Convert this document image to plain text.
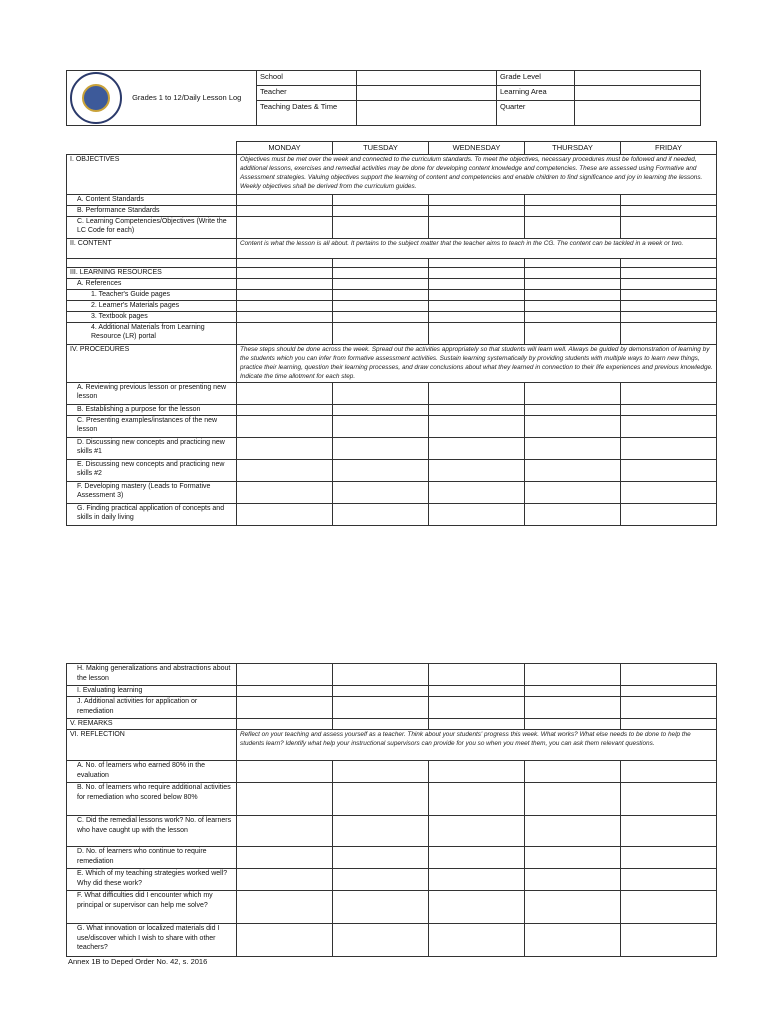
Grades 1 to 12/Daily Lesson Log	School		Grade Level	
	Teacher		Learning Area	
	Teaching Dates & Time		Quarter	
	MONDAY	TUESDAY	WEDNESDAY	THURSDAY	FRIDAY
I. OBJECTIVES	Objectives must be met over the week and connected to the curriculum standards. To meet the objectives, necessary procedures must be followed and if needed, additional lessons, exercises and remedial activities may be done for developing content knowledge and competencies. These are assessed using Formative and Assessment strategies. Valuing objectives support the learning of content and competencies and enable children to find significance and joy in learning the lessons. Weekly objectives shall be derived from the curriculum guides.				
A. Content Standards					
B. Performance Standards					
C. Learning Competencies/Objectives (Write the LC Code for each)					
II. CONTENT	Content is what the lesson is all about. It pertains to the subject matter that the teacher aims to teach in the CG. The content can be tackled in a week or two.				

III. LEARNING RESOURCES					
A. References					
1. Teacher's Guide pages					
2. Learner's Materials pages					
3. Textbook pages					
4. Additional Materials from Learning Resource (LR) portal					
IV. PROCEDURES	These steps should be done across the week. Spread out the activities appropriately so that students will learn well. Always be guided by demonstration of learning by the students which you can infer from formative assessment activities. Sustain learning systematically by providing students with multiple ways to learn new things, practice their learning, question their learning processes, and draw conclusions about what they learned in connection to their life experiences and previous knowledge. Indicate the time allotment for each step.				
A. Reviewing previous lesson or presenting new lesson					
B. Establishing a purpose for the lesson					
C. Presenting examples/instances of the new lesson					
D. Discussing new concepts and practicing new skills #1					
E. Discussing new concepts and practicing new skills #2					
F. Developing mastery (Leads to Formative Assessment 3)					
G. Finding practical application of concepts and skills in daily living					
H. Making generalizations and abstractions about the lesson					
I. Evaluating learning					
J. Additional activities for application or remediation					
V. REMARKS					
VI. REFLECTION	Reflect on your teaching and assess yourself as a teacher. Think about your students' progress this week. What works? What else needs to be done to help the students learn? Identify what help your instructional supervisors can provide for you so when you meet them, you can ask them relevant questions.				
A. No. of learners who earned 80% in the evaluation					
B. No. of learners who require additional activities for remediation who scored below 80%					
C. Did the remedial lessons work? No. of learners who have caught up with the lesson					
D. No. of learners who continue to require remediation					
E. Which of my teaching strategies worked well? Why did these work?					
F. What difficulties did I encounter which my principal or supervisor can help me solve?					
G. What innovation or localized materials did I use/discover which I wish to share with other teachers?					
Annex 1B to Deped Order No. 42, s. 2016
